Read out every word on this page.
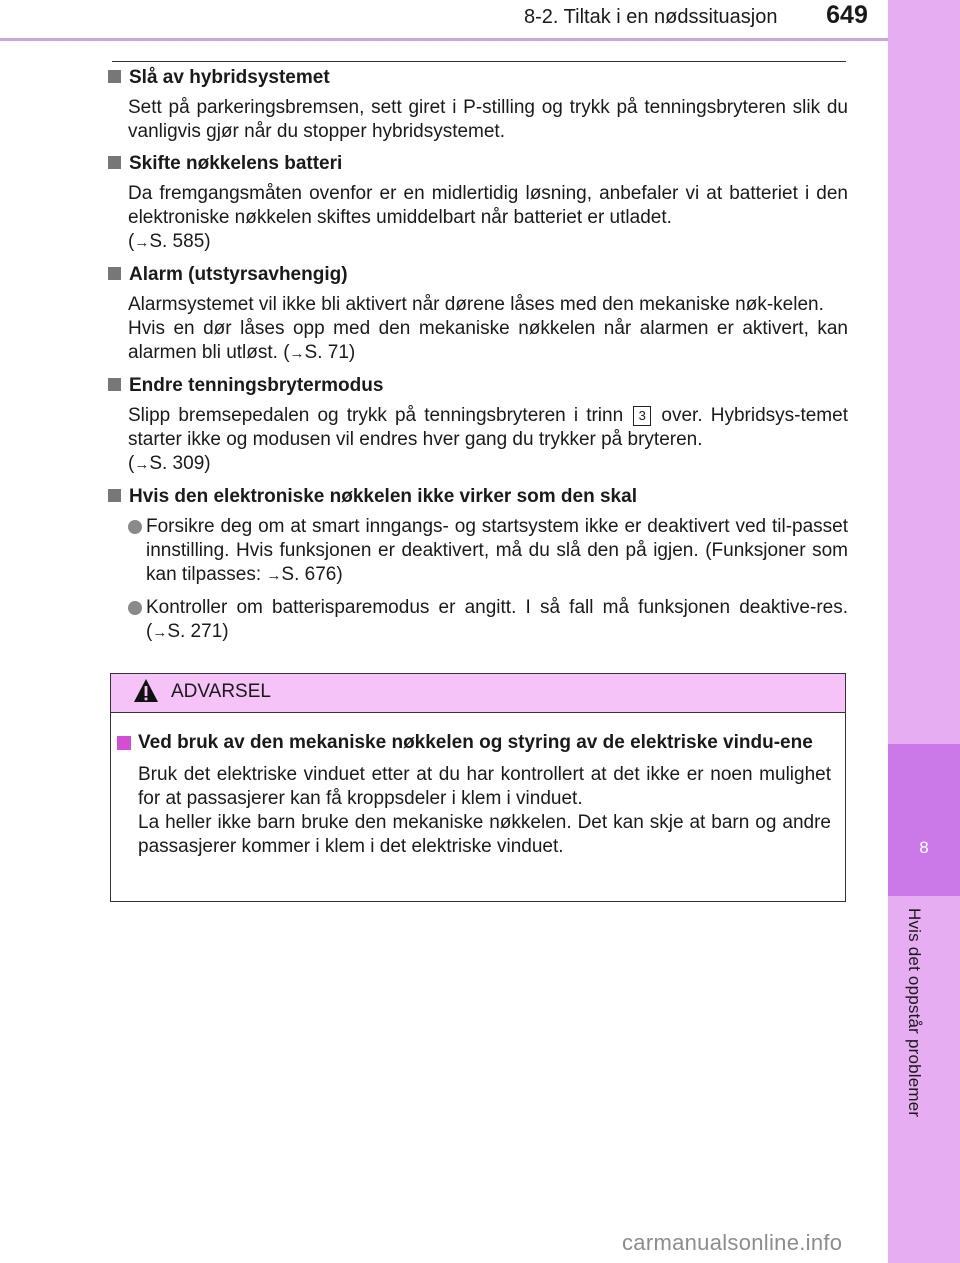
8-2. Tiltak i en nødssituasjon	649
8
Hvis det oppstår problemer
Slå av hybridsystemet

Sett på parkeringsbremsen, sett giret i P-stilling og trykk på tenningsbryteren slik du vanligvis gjør når du stopper hybridsystemet.

Skifte nøkkelens batteri

Da fremgangsmåten ovenfor er en midlertidig løsning, anbefaler vi at batteriet i den elektroniske nøkkelen skiftes umiddelbart når batteriet er utladet.

(→S. 585)

Alarm (utstyrsavhengig)

Alarmsystemet vil ikke bli aktivert når dørene låses med den mekaniske nøk-kelen.

Hvis en dør låses opp med den mekaniske nøkkelen når alarmen er aktivert, kan alarmen bli utløst. (→S. 71)

Endre tenningsbrytermodus

Slipp bremsepedalen og trykk på tenningsbryteren i trinn 3 over. Hybridsys-temet starter ikke og modusen vil endres hver gang du trykker på bryteren.

(→S. 309)

Hvis den elektroniske nøkkelen ikke virker som den skal
Forsikre deg om at smart inngangs- og startsystem ikke er deaktivert ved til-passet innstilling. Hvis funksjonen er deaktivert, må du slå den på igjen. (Funksjoner som kan tilpasses: →S. 676)
Kontroller om batterisparemodus er angitt. I så fall må funksjonen deaktive-res. (→S. 271)
ADVARSEL
Ved bruk av den mekaniske nøkkelen og styring av de elektriske vindu-ene

Bruk det elektriske vinduet etter at du har kontrollert at det ikke er noen mulighet for at passasjerer kan få kroppsdeler i klem i vinduet.

La heller ikke barn bruke den mekaniske nøkkelen. Det kan skje at barn og andre passasjerer kommer i klem i det elektriske vinduet.

carmanualsonline.info
